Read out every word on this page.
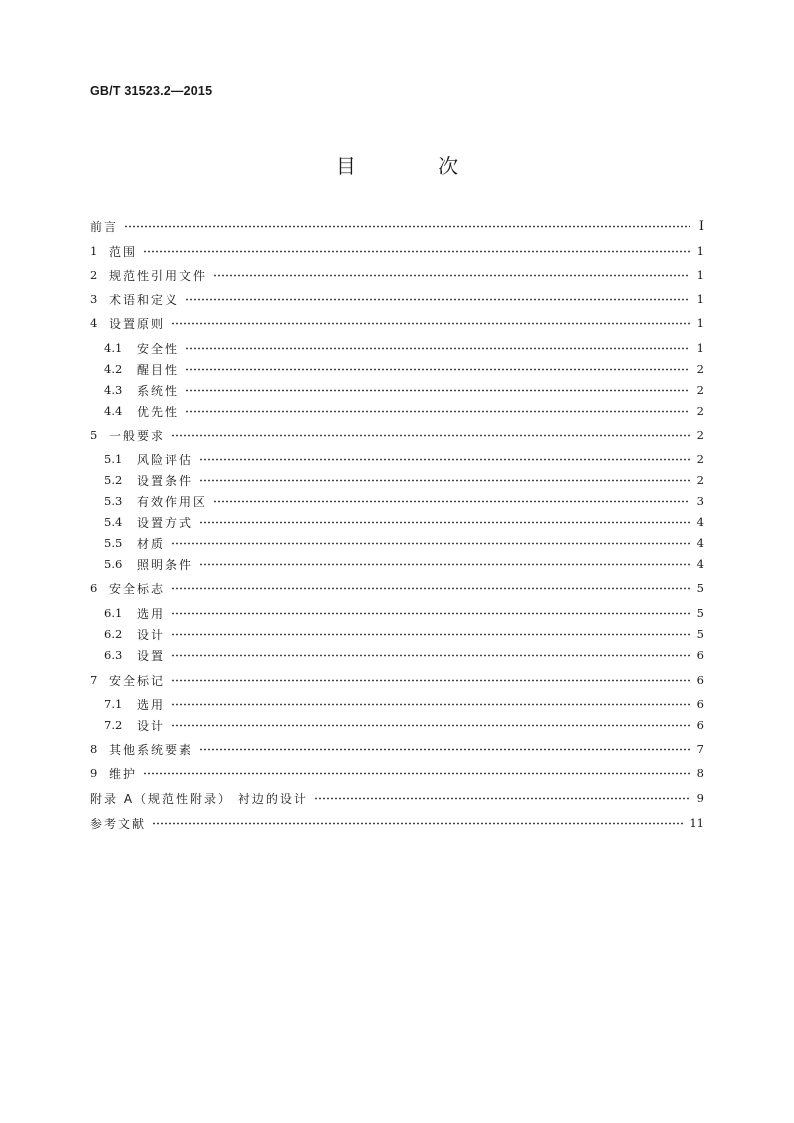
GB/T 31523.2—2015
目 次
前言	Ⅰ
1 范围	1
2 规范性引用文件	1
3 术语和定义	1
4 设置原则	1
4.1	安全性	1
4.2	醒目性	2
4.3	系统性	2
4.4	优先性	2
5 一般要求	2
5.1	风险评估	2
5.2	设置条件	2
5.3	有效作用区	3
5.4	设置方式	4
5.5	材质	4
5.6	照明条件	4
6 安全标志	5
6.1	选用	5
6.2	设计	5
6.3	设置	6
7 安全标记	6
7.1	选用	6
7.2	设计	6
8 其他系统要素	7
9 维护	8
附录 A（规范性附录） 衬边的设计	9
参考文献	11
